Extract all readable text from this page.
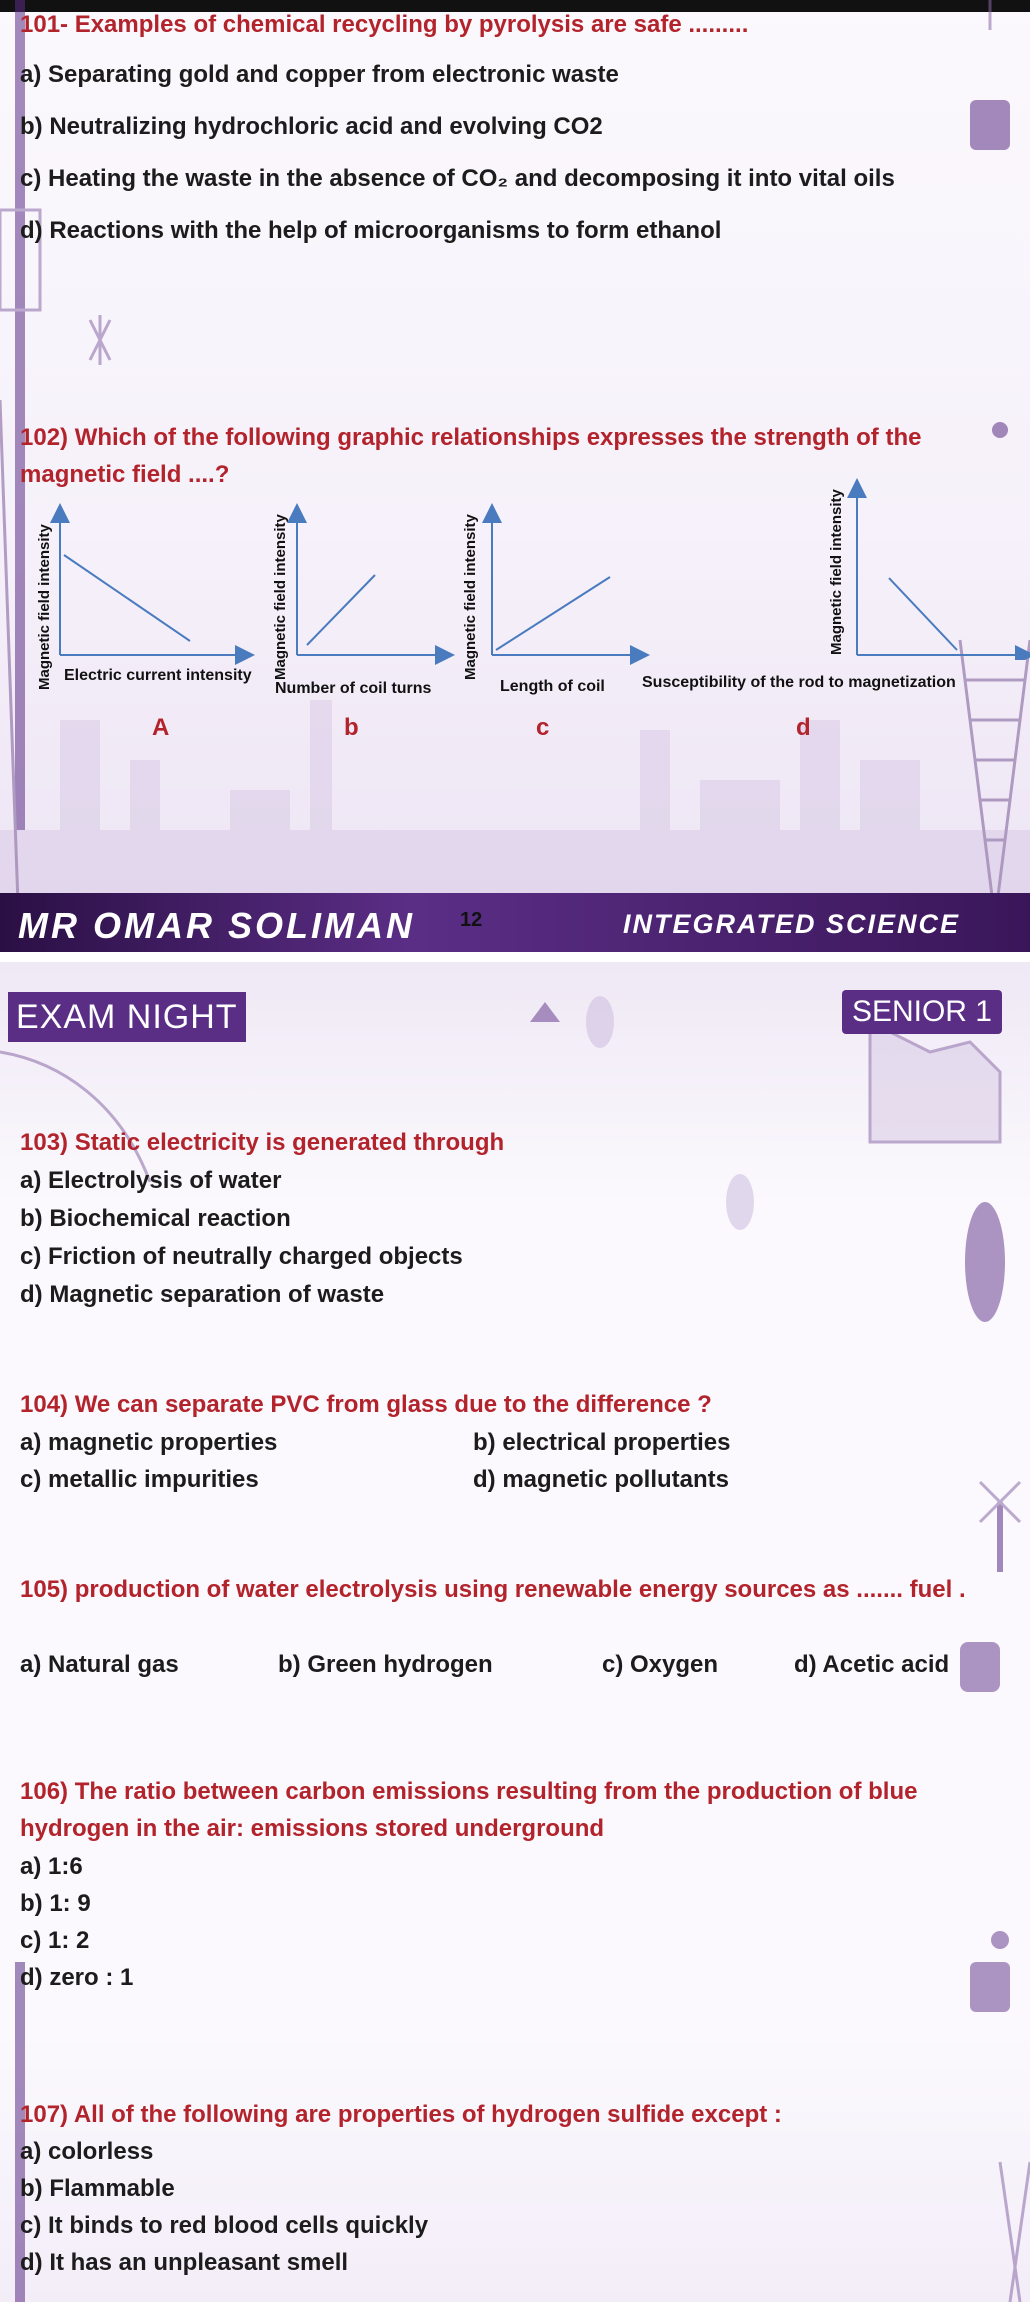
101- Examples of chemical recycling by pyrolysis are safe .........
a) Separating gold and copper from electronic waste
b) Neutralizing hydrochloric acid and evolving CO2
c) Heating the waste in the absence of CO₂ and decomposing it into vital oils
d) Reactions with the help of microorganisms to form ethanol
102) Which of the following graphic relationships expresses the strength of the magnetic field ....?
Magnetic field intensity Electric current intensity
A
Magnetic field intensity
Number of coil turns
b
Magnetic field intensity
Length of coil
c
Magnetic field intensity
Susceptibility of the rod to magnetization
d
MR OMAR SOLIMAN 12	INTEGRATED SCIENCE
EXAM NIGHT	SENIOR 1
103) Static electricity is generated through
a) Electrolysis of water
b) Biochemical reaction
c) Friction of neutrally charged objects
d) Magnetic separation of waste
104) We can separate PVC from glass due to the difference ?
a) magnetic properties	b) electrical properties
c) metallic impurities	d) magnetic pollutants
105) production of water electrolysis using renewable energy sources as ....... fuel .
a) Natural gas	b) Green hydrogen	c) Oxygen	d) Acetic acid
106) The ratio between carbon emissions resulting from the production of blue hydrogen in the air: emissions stored underground
a) 1:6
b) 1: 9
c) 1: 2
d) zero : 1
107) All of the following are properties of hydrogen sulfide except :
a) colorless
b) Flammable
c) It binds to red blood cells quickly
d) It has an unpleasant smell
